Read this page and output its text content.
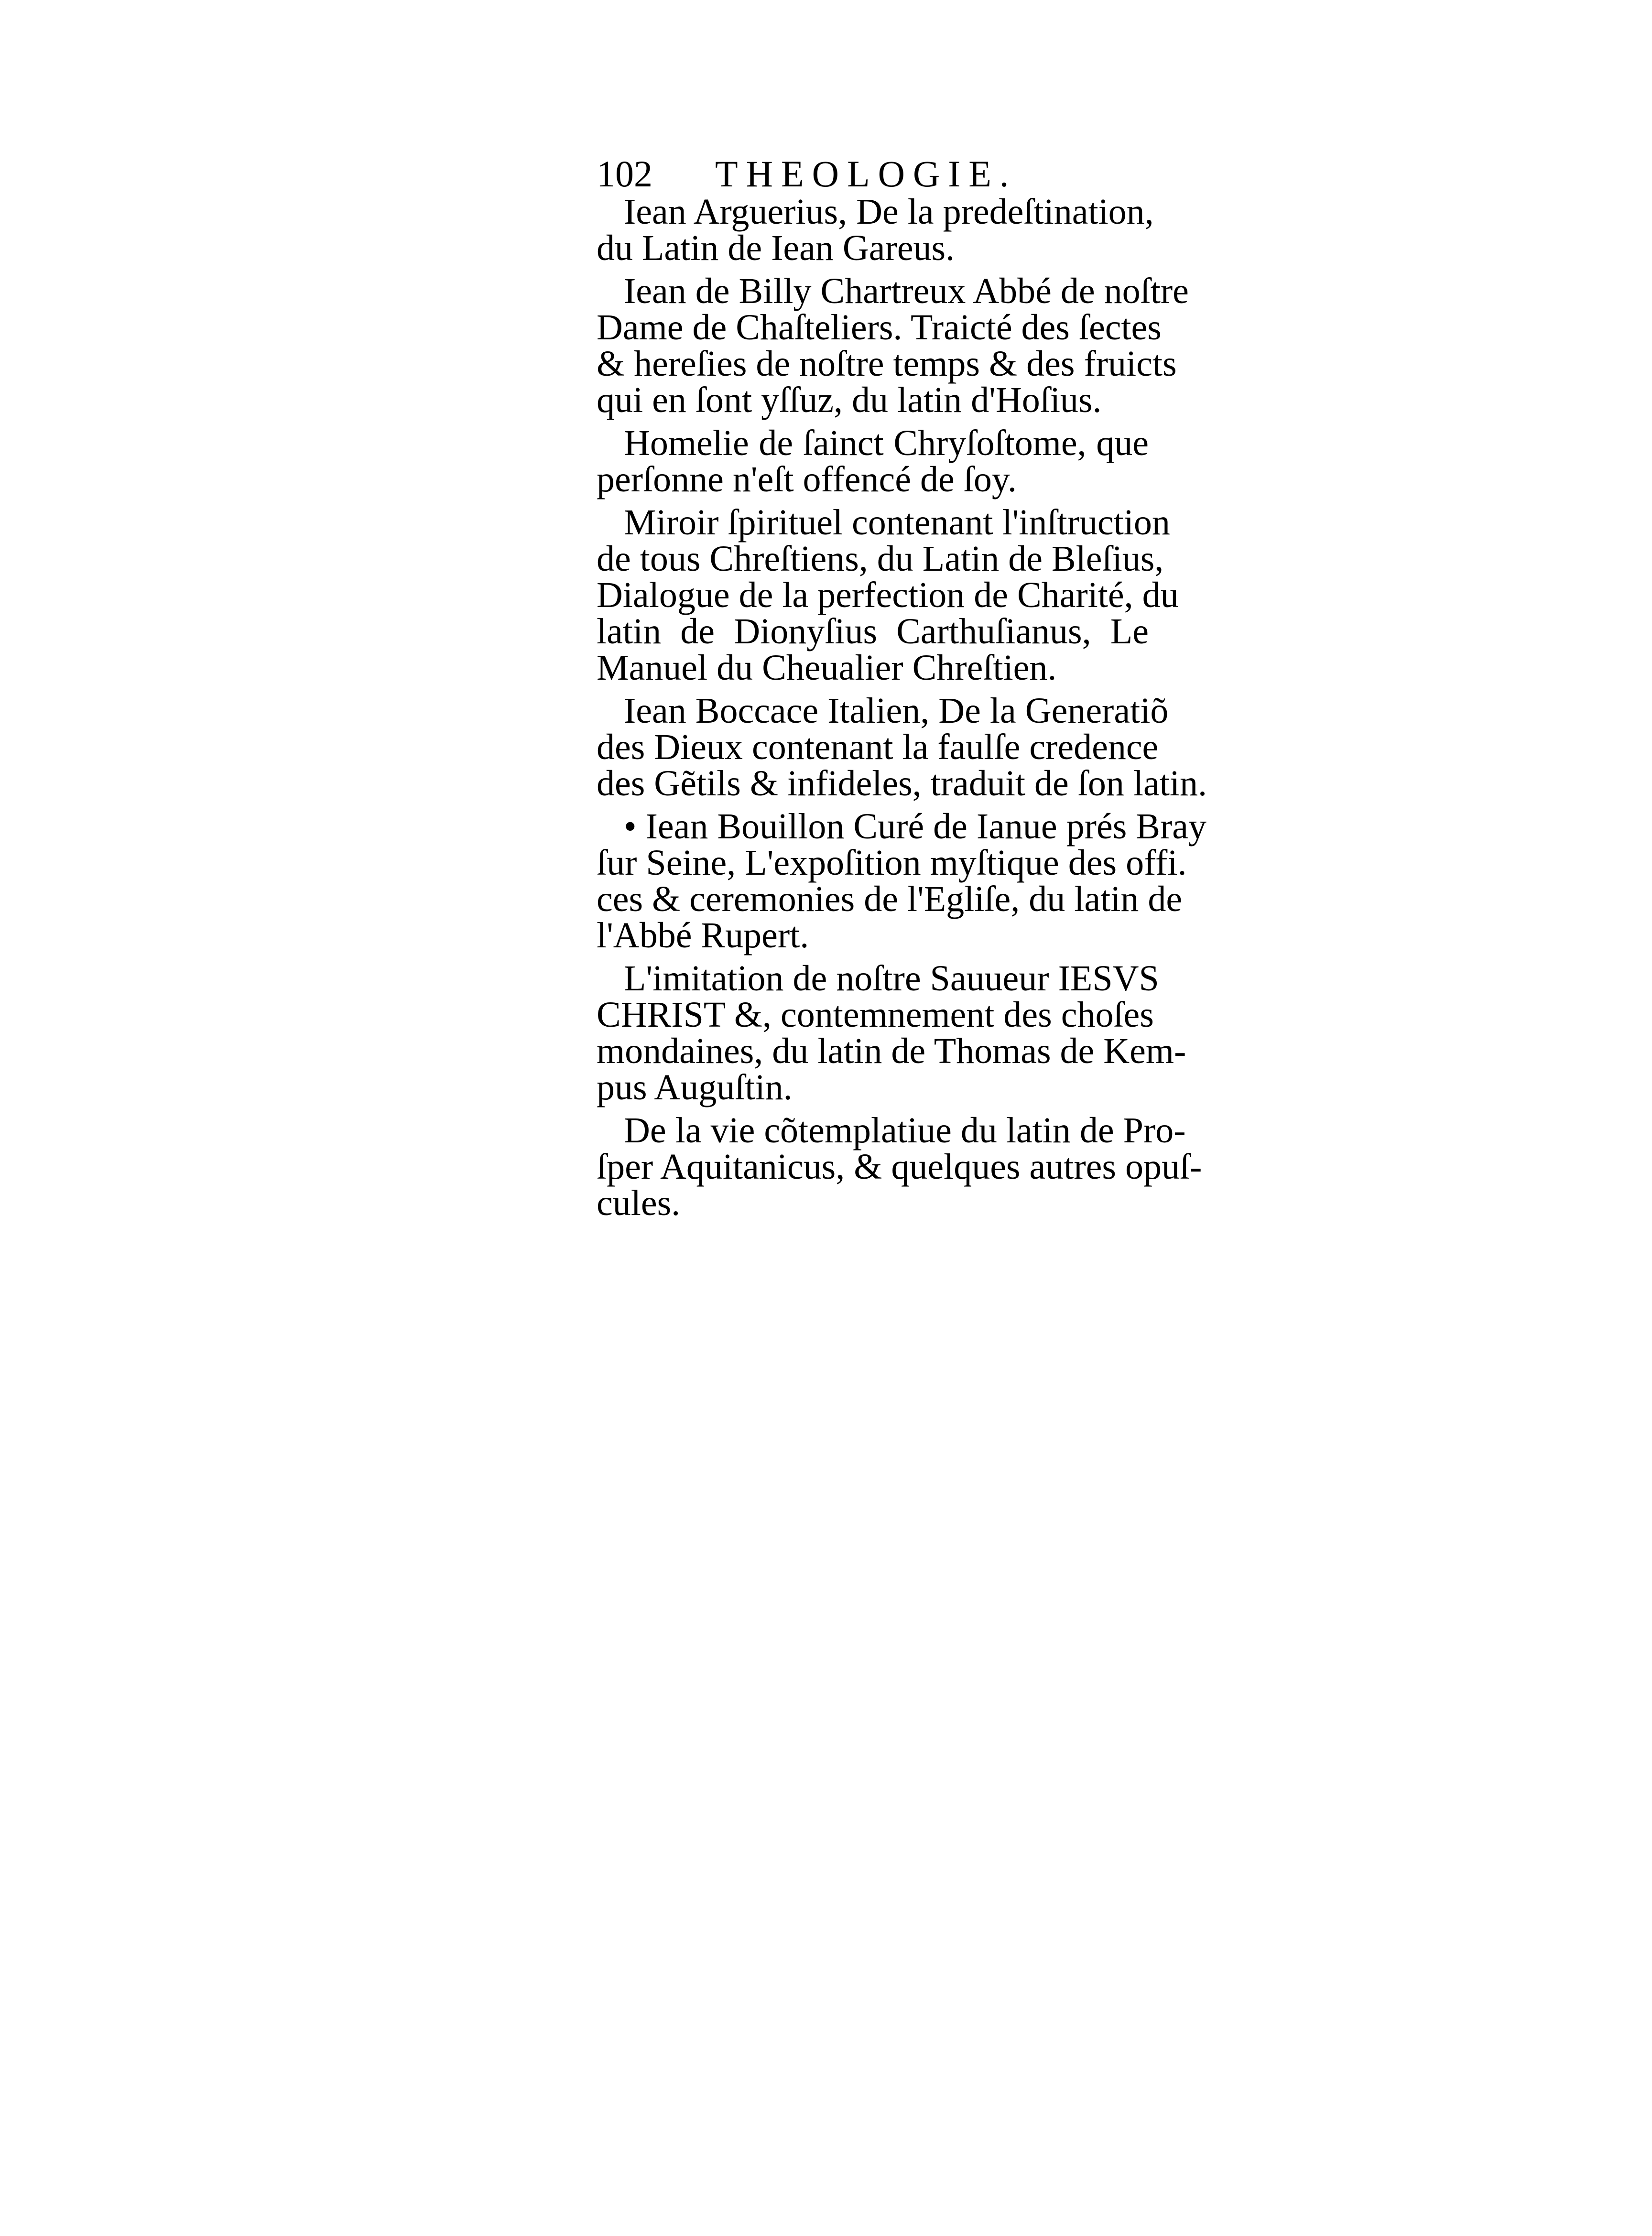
102 THEOLOGIE.
Iean Arguerius, De la predeſtination,
du Latin de Iean Gareus.
Iean de Billy Chartreux Abbé de noſtre
Dame de Chaſteliers. Traicté des ſectes
& hereſies de noſtre temps & des fruicts
qui en ſont yſſuz, du latin d'Hoſius.
Homelie de ſainct Chryſoſtome, que
perſonne n'eſt offencé de ſoy.
Miroir ſpirituel contenant l'inſtruction
de tous Chreſtiens, du Latin de Bleſius,
Dialogue de la perfection de Charité, du
latin de Dionyſius Carthuſianus, Le
Manuel du Cheualier Chreſtien.
Iean Boccace Italien, De la Generatiõ
des Dieux contenant la faulſe credence
des Gẽtils & infideles, traduit de ſon latin.
• Iean Bouillon Curé de Ianue prés Bray
ſur Seine, L'expoſition myſtique des offi.
ces & ceremonies de l'Egliſe, du latin de
l'Abbé Rupert.
L'imitation de noſtre Sauueur IESVS
CHRIST &, contemnement des choſes
mondaines, du latin de Thomas de Kem-
pus Auguſtin.
De la vie cõtemplatiue du latin de Pro-
ſper Aquitanicus, & quelques autres opuſ-
cules.
